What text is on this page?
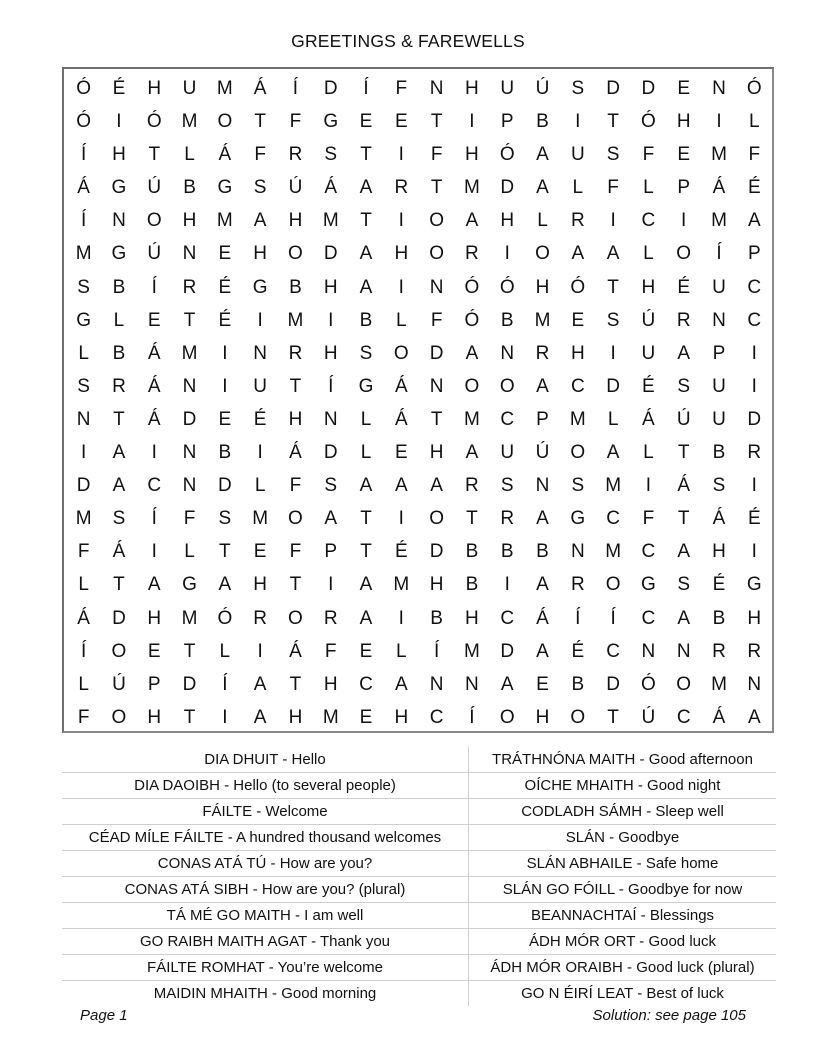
GREETINGS & FAREWELLS
Ó	É	H	U	M	Á	Í	D	Í	F	N	H	U	Ú	S	D	D	E	N	Ó
Ó	I	Ó	M	O	T	F	G	E	E	T	I	P	B	I	T	Ó	H	I	L
Í	H	T	L	Á	F	R	S	T	I	F	H	Ó	A	U	S	F	E	M	F
Á	G	Ú	B	G	S	Ú	Á	A	R	T	M	D	A	L	F	L	P	Á	É
Í	N	O	H	M	A	H	M	T	I	O	A	H	L	R	I	C	I	M	A
M	G	Ú	N	E	H	O	D	A	H	O	R	I	O	A	A	L	O	Í	P
S	B	Í	R	É	G	B	H	A	I	N	Ó	Ó	H	Ó	T	H	É	U	C
G	L	E	T	É	I	M	I	B	L	F	Ó	B	M	E	S	Ú	R	N	C
L	B	Á	M	I	N	R	H	S	O	D	A	N	R	H	I	U	A	P	I
S	R	Á	N	I	U	T	Í	G	Á	N	O	O	A	C	D	É	S	U	I
N	T	Á	D	E	É	H	N	L	Á	T	M	C	P	M	L	Á	Ú	U	D
I	A	I	N	B	I	Á	D	L	E	H	A	U	Ú	O	A	L	T	B	R
D	A	C	N	D	L	F	S	A	A	A	R	S	N	S	M	I	Á	S	I
M	S	Í	F	S	M	O	A	T	I	O	T	R	A	G	C	F	T	Á	É
F	Á	I	L	T	E	F	P	T	É	D	B	B	B	N	M	C	A	H	I
L	T	A	G	A	H	T	I	A	M	H	B	I	A	R	O	G	S	É	G
Á	D	H	M	Ó	R	O	R	A	I	B	H	C	Á	Í	Í	C	A	B	H
Í	O	E	T	L	I	Á	F	E	L	Í	M	D	A	É	C	N	N	R	R
L	Ú	P	D	Í	A	T	H	C	A	N	N	A	E	B	D	Ó	O	M	N
F	O	H	T	I	A	H	M	E	H	C	Í	O	H	O	T	Ú	C	Á	A
DIA DHUIT - Hello	TRÁTHNÓNA MAITH - Good afternoon
DIA DAOIBH - Hello (to several people)	OÍCHE MHAITH - Good night
FÁILTE - Welcome	CODLADH SÁMH - Sleep well
CÉAD MÍLE FÁILTE - A hundred thousand welcomes	SLÁN - Goodbye
CONAS ATÁ TÚ - How are you?	SLÁN ABHAILE - Safe home
CONAS ATÁ SIBH - How are you? (plural)	SLÁN GO FÓILL - Goodbye for now
TÁ MÉ GO MAITH - I am well	BEANNACHTAÍ - Blessings
GO RAIBH MAITH AGAT - Thank you	ÁDH MÓR ORT - Good luck
FÁILTE ROMHAT - You’re welcome	ÁDH MÓR ORAIBH - Good luck (plural)
MAIDIN MHAITH - Good morning	GO N ÉIRÍ LEAT - Best of luck
Page 1	Solution: see page 105
